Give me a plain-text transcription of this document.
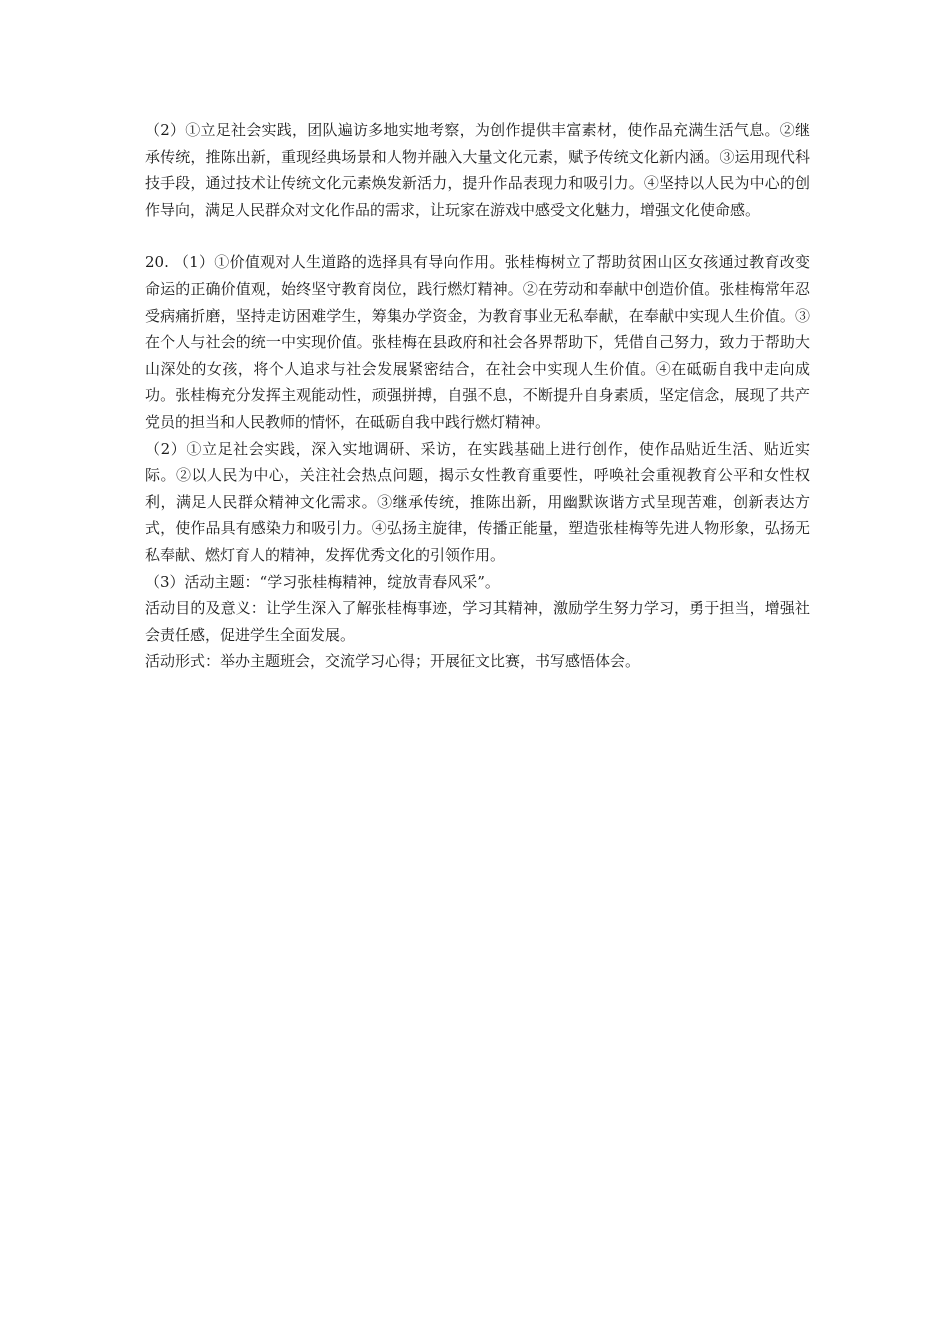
（2）①立足社会实践，团队遍访多地实地考察，为创作提供丰富素材，使作品充满生活气息。②继承传统，推陈出新，重现经典场景和人物并融入大量文化元素，赋予传统文化新内涵。③运用现代科技手段，通过技术让传统文化元素焕发新活力，提升作品表现力和吸引力。④坚持以人民为中心的创作导向，满足人民群众对文化作品的需求，让玩家在游戏中感受文化魅力，增强文化使命感。

20. （1）①价值观对人生道路的选择具有导向作用。张桂梅树立了帮助贫困山区女孩通过教育改变命运的正确价值观，始终坚守教育岗位，践行燃灯精神。②在劳动和奉献中创造价值。张桂梅常年忍受病痛折磨，坚持走访困难学生，筹集办学资金，为教育事业无私奉献，在奉献中实现人生价值。③在个人与社会的统一中实现价值。张桂梅在县政府和社会各界帮助下，凭借自己努力，致力于帮助大山深处的女孩，将个人追求与社会发展紧密结合，在社会中实现人生价值。④在砥砺自我中走向成功。张桂梅充分发挥主观能动性，顽强拼搏，自强不息，不断提升自身素质，坚定信念，展现了共产党员的担当和人民教师的情怀，在砥砺自我中践行燃灯精神。

（2）①立足社会实践，深入实地调研、采访，在实践基础上进行创作，使作品贴近生活、贴近实际。②以人民为中心，关注社会热点问题，揭示女性教育重要性，呼唤社会重视教育公平和女性权利，满足人民群众精神文化需求。③继承传统，推陈出新，用幽默诙谐方式呈现苦难，创新表达方式，使作品具有感染力和吸引力。④弘扬主旋律，传播正能量，塑造张桂梅等先进人物形象，弘扬无私奉献、燃灯育人的精神，发挥优秀文化的引领作用。

（3）活动主题：“学习张桂梅精神，绽放青春风采”。

活动目的及意义：让学生深入了解张桂梅事迹，学习其精神，激励学生努力学习，勇于担当，增强社会责任感，促进学生全面发展。

活动形式：举办主题班会，交流学习心得；开展征文比赛，书写感悟体会。
